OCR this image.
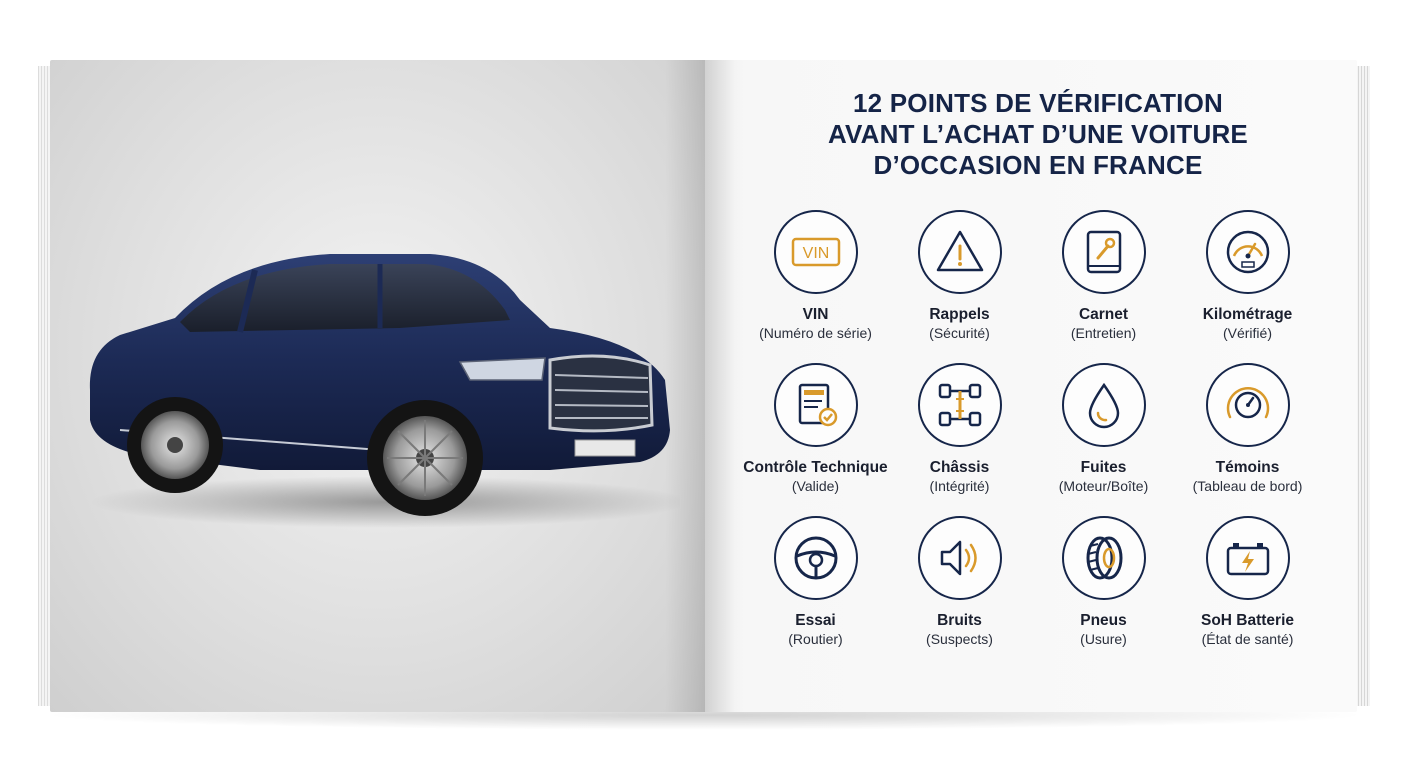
12 POINTS DE VÉRIFICATION
AVANT L’ACHAT D’UNE VOITURE
D’OCCASION EN FRANCE
VIN
VIN
(Numéro de série)
Rappels
(Sécurité)
Carnet
(Entretien)
Kilométrage
(Vérifié)
Contrôle Technique
(Valide)
Châssis
(Intégrité)
Fuites
(Moteur/Boîte)
Témoins
(Tableau de bord)
Essai
(Routier)
Bruits
(Suspects)
Pneus
(Usure)
SoH Batterie
(État de santé)
